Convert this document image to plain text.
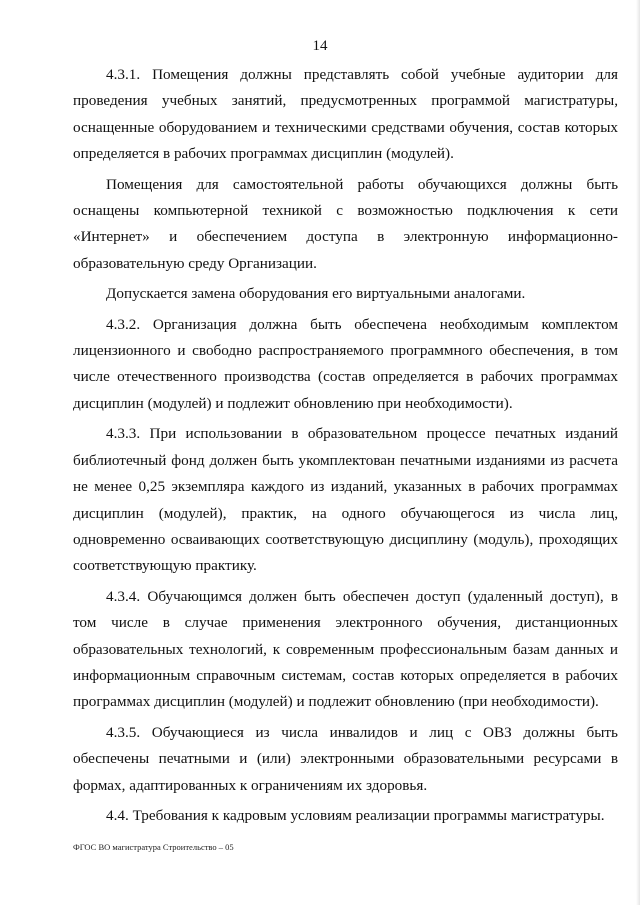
14

4.3.1. Помещения должны представлять собой учебные аудитории для проведения учебных занятий, предусмотренных программой магистратуры, оснащенные оборудованием и техническими средствами обучения, состав которых определяется в рабочих программах дисциплин (модулей).

Помещения для самостоятельной работы обучающихся должны быть оснащены компьютерной техникой с возможностью подключения к сети «Интернет» и обеспечением доступа в электронную информационно-образовательную среду Организации.

Допускается замена оборудования его виртуальными аналогами.

4.3.2. Организация должна быть обеспечена необходимым комплектом лицензионного и свободно распространяемого программного обеспечения, в том числе отечественного производства (состав определяется в рабочих программах дисциплин (модулей) и подлежит обновлению при необходимости).

4.3.3. При использовании в образовательном процессе печатных изданий библиотечный фонд должен быть укомплектован печатными изданиями из расчета не менее 0,25 экземпляра каждого из изданий, указанных в рабочих программах дисциплин (модулей), практик, на одного обучающегося из числа лиц, одновременно осваивающих соответствующую дисциплину (модуль), проходящих соответствующую практику.

4.3.4. Обучающимся должен быть обеспечен доступ (удаленный доступ), в том числе в случае применения электронного обучения, дистанционных образовательных технологий, к современным профессиональным базам данных и информационным справочным системам, состав которых определяется в рабочих программах дисциплин (модулей) и подлежит обновлению (при необходимости).

4.3.5. Обучающиеся из числа инвалидов и лиц с ОВЗ должны быть обеспечены печатными и (или) электронными образовательными ресурсами в формах, адаптированных к ограничениям их здоровья.

4.4. Требования к кадровым условиям реализации программы магистратуры.

ФГОС ВО магистратура Строительство – 05
